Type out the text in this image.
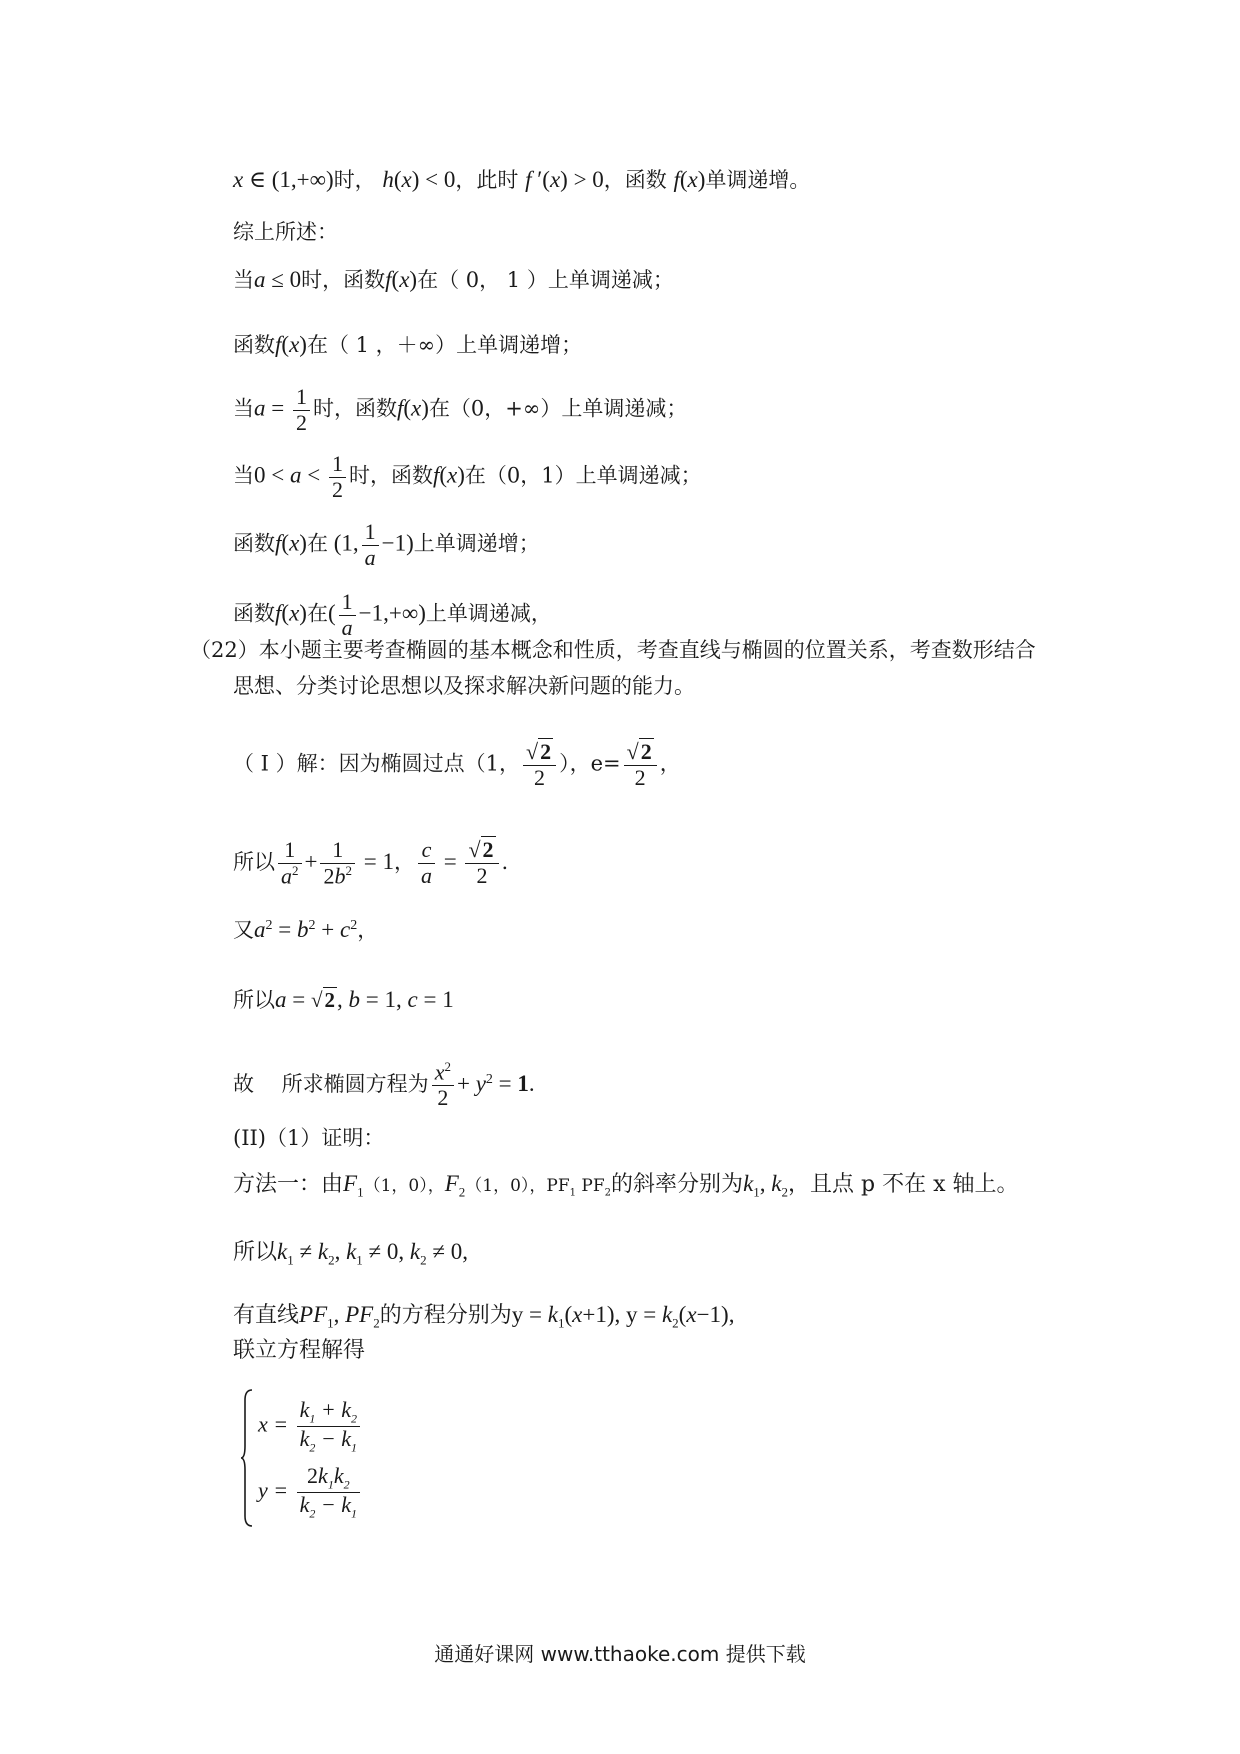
x ∈ (1,+∞)时， h(x) < 0，此时 f ′(x) > 0，函数 f(x)单调递增。
综上所述：
当a ≤ 0时，函数f(x)在（ 0， 1 ）上单调递减；
函数f(x)在（ 1 ，＋∞）上单调递增；
当$a = \frac{1}{2}$ 时，函数f(x)在（0，+∞）上单调递减；
当$0 < a < \frac{1}{2}$ 时，函数f(x)在（0，1）上单调递减；
函数f(x)在 (1, $\frac{1}{a} -1$)上单调递增；
函数f(x)在( $\frac{1}{a} -1,+\infty$)上单调递减，
（22）本小题主要考查椭圆的基本概念和性质，考查直线与椭圆的位置关系，考查数形结合
思想、分类讨论思想以及探求解决新问题的能力。
（ I ）解：因为椭圆过点（1， $\frac{√2}{2}$ ），$e= \frac{√2}{2}$ ，
所以 $\frac{1}{a^2} + \frac{1}{2b^2} = 1$， $\frac{c}{a} = \frac{√2}{2}$ .
又$a^2 = b^2 + c^2$，
所以a = √2, b = 1, c = 1
故　 所求椭圆方程为 $\frac{x^2}{2} + y^2 = 1$.
(II)（1）证明：
方法一：由$F_1(1$，0），$F_2(1$，0），$PF_1$ $PF_2$的斜率分别为$k_1$, $k_2$，且点 p 不在 x 轴上。
所以$k_1 \ne k_2$, $k_1 \ne 0$, $k_2 \ne 0$,
有直线$PF_1$, $PF_2$的方程分别为$y = k_1(x+1)$, $y = k_2(x-1)$,
联立方程解得
$x = \frac{k_1 + k_2}{k_2 - k_1}$
$y = \frac{2k_1k_2}{k_2 - k_1}$
通通好课网 www.tthaoke.com 提供下载
